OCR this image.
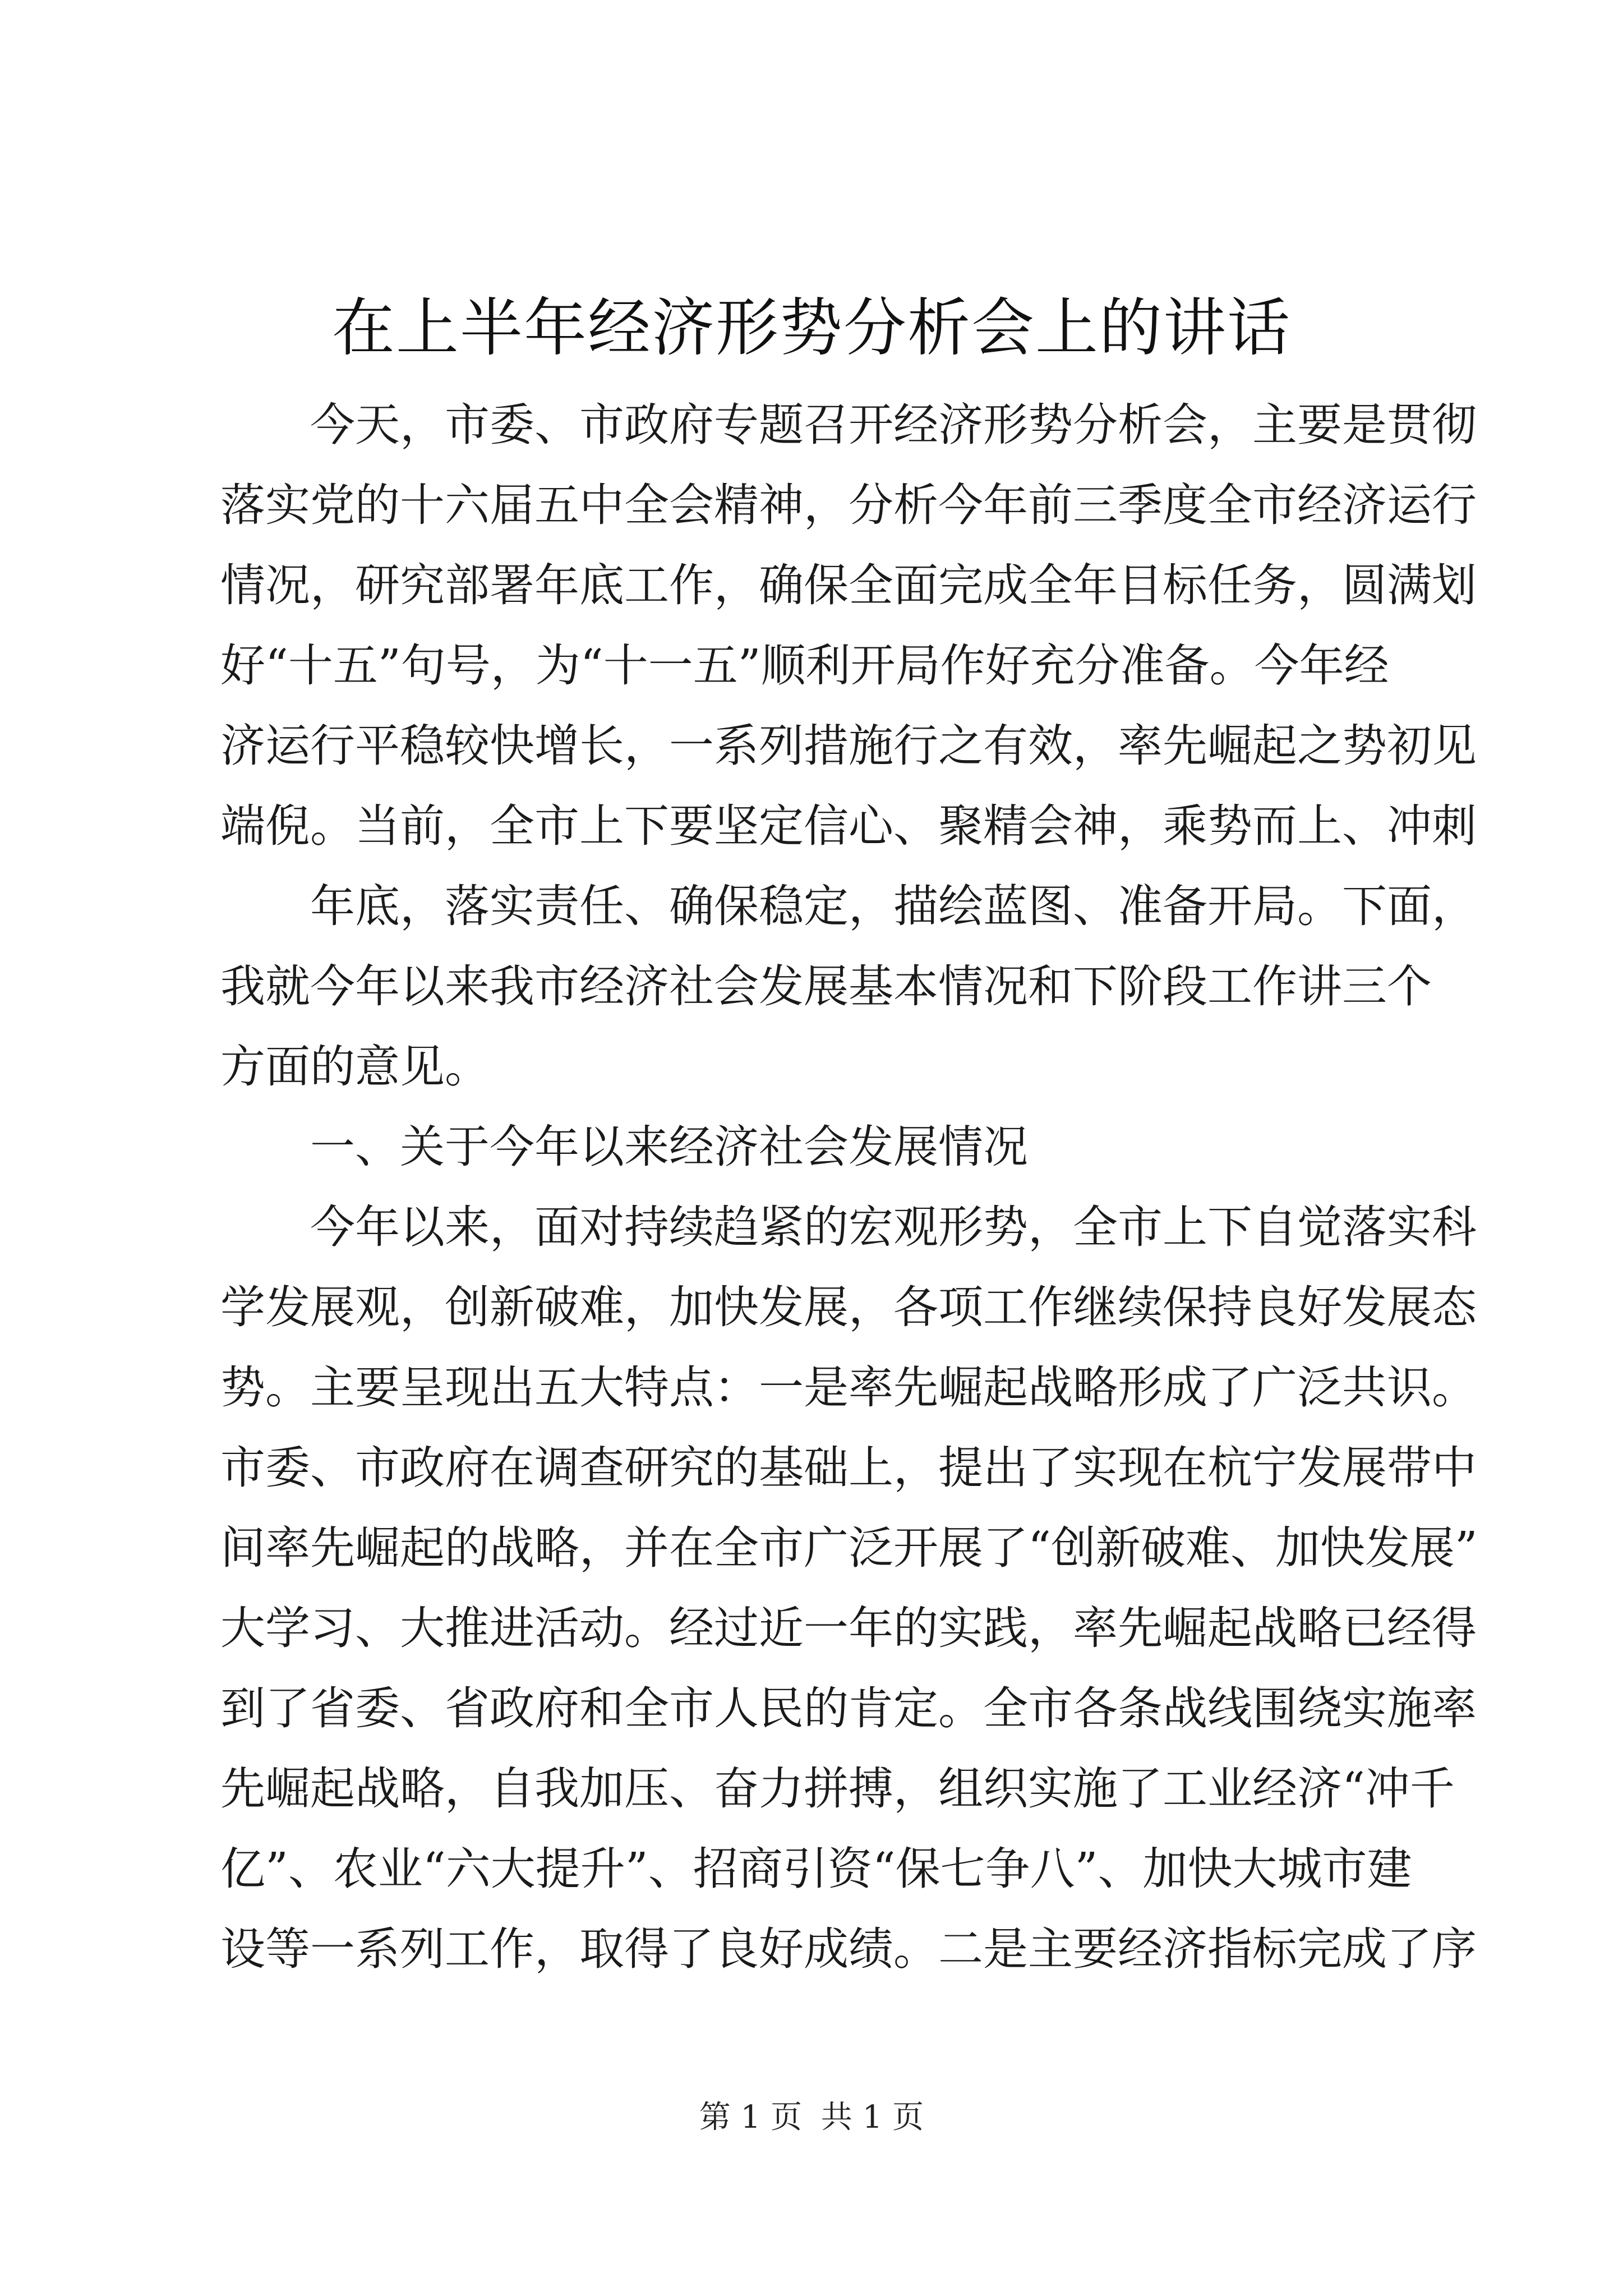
在上半年经济形势分析会上的讲话
　　今天，市委、市政府专题召开经济形势分析会，主要是贯彻
落实党的十六届五中全会精神，分析今年前三季度全市经济运行
情况，研究部署年底工作，确保全面完成全年目标任务，圆满划
好“十五”句号，为“十一五”顺利开局作好充分准备。今年经
济运行平稳较快增长，一系列措施行之有效，率先崛起之势初见
端倪。当前，全市上下要坚定信心、聚精会神，乘势而上、冲刺
　　年底，落实责任、确保稳定，描绘蓝图、准备开局。下面，
我就今年以来我市经济社会发展基本情况和下阶段工作讲三个
方面的意见。
　　一、关于今年以来经济社会发展情况
　　今年以来，面对持续趋紧的宏观形势，全市上下自觉落实科
学发展观，创新破难，加快发展，各项工作继续保持良好发展态
势。主要呈现出五大特点：一是率先崛起战略形成了广泛共识。
市委、市政府在调查研究的基础上，提出了实现在杭宁发展带中
间率先崛起的战略，并在全市广泛开展了“创新破难、加快发展”
大学习、大推进活动。经过近一年的实践，率先崛起战略已经得
到了省委、省政府和全市人民的肯定。全市各条战线围绕实施率
先崛起战略，自我加压、奋力拼搏，组织实施了工业经济“冲千
亿”、农业“六大提升”、招商引资“保七争八”、加快大城市建
设等一系列工作，取得了良好成绩。二是主要经济指标完成了序
第 1 页 共 1 页
